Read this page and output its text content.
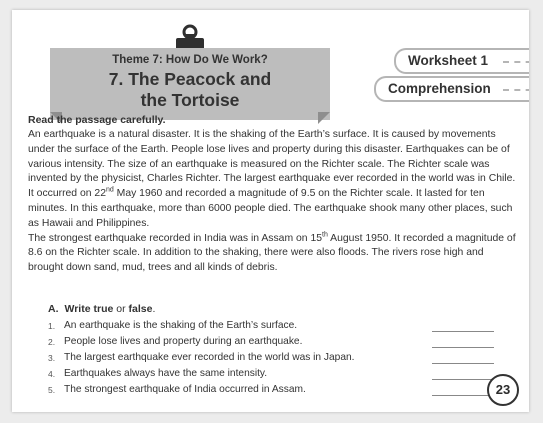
Theme 7: How Do We Work?
7. The Peacock and
the Tortoise
Worksheet 1
Comprehension
Read the passage carefully.

An earthquake is a natural disaster. It is the shaking of the Earth’s surface. It is caused by movements under the surface of the Earth. People lose lives and property during this disaster. Earthquakes can be of various intensity. The size of an earthquake is measured on the Richter scale. The Richter scale was invented by the physicist, Charles Richter. The largest earthquake ever recorded in the world was in Chile. It occurred on 22nd May 1960 and recorded a magnitude of 9.5 on the Richter scale. It lasted for ten minutes. In this earthquake, more than 6000 people died. The earthquake shook many other places, such as Hawaii and Philippines.

The strongest earthquake recorded in India was in Assam on 15th August 1950. It recorded a magnitude of 8.6 on the Richter scale. In addition to the shaking, there were also floods. The rivers rose high and brought down sand, mud, trees and all kinds of debris.

A. Write true or false.
1. An earthquake is the shaking of the Earth’s surface.
2. People lose lives and property during an earthquake.
3. The largest earthquake ever recorded in the world was in Japan.
4. Earthquakes always have the same intensity.
5. The strongest earthquake of India occurred in Assam.	23
